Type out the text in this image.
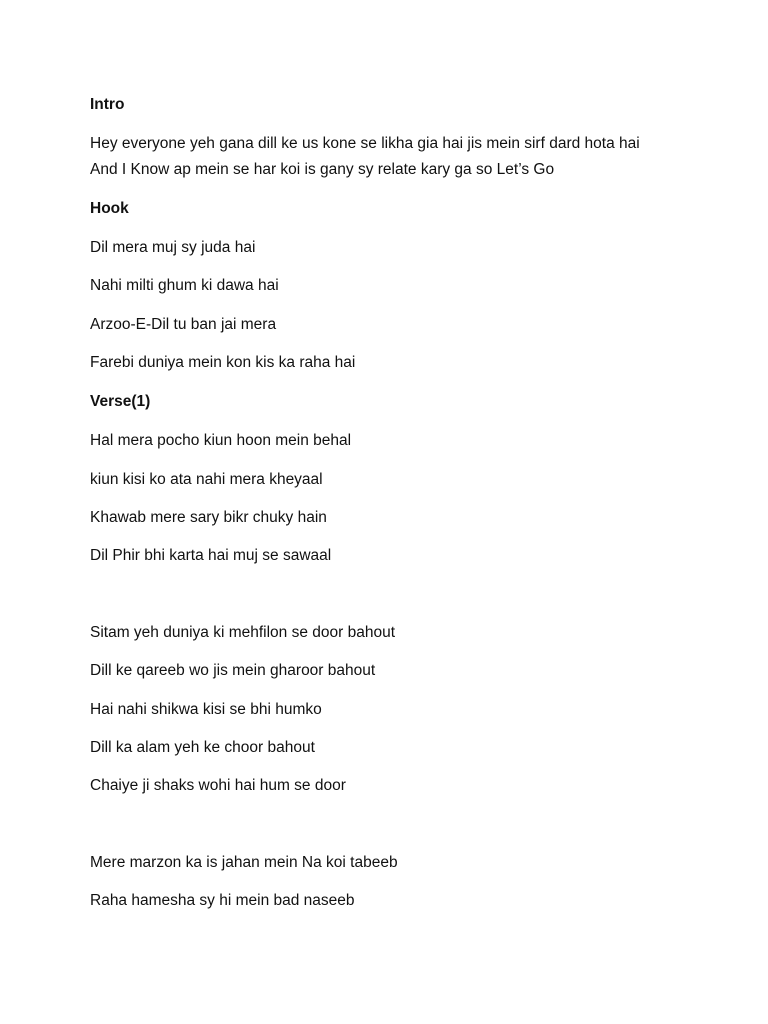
Intro

Hey everyone yeh gana dill ke us kone se likha gia hai jis mein sirf dard hota hai

And I Know ap mein se har koi is gany sy relate kary ga so Let’s Go

Hook

Dil mera muj sy juda hai

Nahi milti ghum ki dawa hai

Arzoo-E-Dil tu ban jai mera

Farebi duniya mein kon kis ka raha hai

Verse(1)

Hal mera pocho kiun hoon mein behal

kiun kisi ko ata nahi mera kheyaal

Khawab mere sary bikr chuky hain

Dil Phir bhi karta hai muj se sawaal

Sitam yeh duniya ki mehfilon se door bahout

Dill ke qareeb wo jis mein gharoor bahout

Hai nahi shikwa kisi se bhi humko

Dill ka alam yeh ke choor bahout

Chaiye ji shaks wohi hai hum se door

Mere marzon ka is jahan mein Na koi tabeeb

Raha hamesha sy hi mein bad naseeb
